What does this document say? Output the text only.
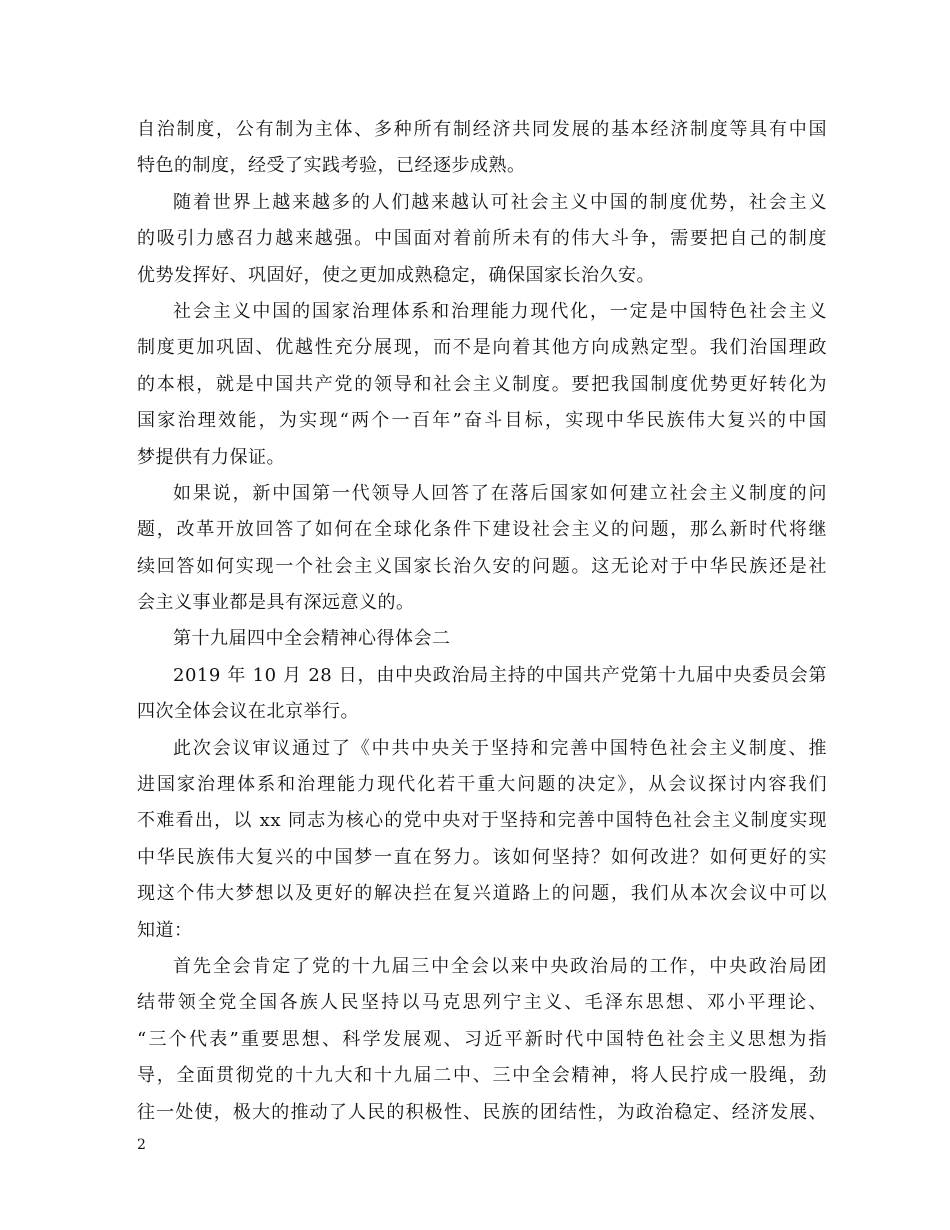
自治制度，公有制为主体、多种所有制经济共同发展的基本经济制度等具有中国
特色的制度，经受了实践考验，已经逐步成熟。
随着世界上越来越多的人们越来越认可社会主义中国的制度优势，社会主义
的吸引力感召力越来越强。中国面对着前所未有的伟大斗争，需要把自己的制度
优势发挥好、巩固好，使之更加成熟稳定，确保国家长治久安。
社会主义中国的国家治理体系和治理能力现代化，一定是中国特色社会主义
制度更加巩固、优越性充分展现，而不是向着其他方向成熟定型。我们治国理政
的本根，就是中国共产党的领导和社会主义制度。要把我国制度优势更好转化为
国家治理效能，为实现“两个一百年”奋斗目标，实现中华民族伟大复兴的中国
梦提供有力保证。
如果说，新中国第一代领导人回答了在落后国家如何建立社会主义制度的问
题，改革开放回答了如何在全球化条件下建设社会主义的问题，那么新时代将继
续回答如何实现一个社会主义国家长治久安的问题。这无论对于中华民族还是社
会主义事业都是具有深远意义的。
第十九届四中全会精神心得体会二
2019 年 10 月 28 日，由中央政治局主持的中国共产党第十九届中央委员会第
四次全体会议在北京举行。
此次会议审议通过了《中共中央关于坚持和完善中国特色社会主义制度、推
进国家治理体系和治理能力现代化若干重大问题的决定》，从会议探讨内容我们
不难看出，以 xx 同志为核心的党中央对于坚持和完善中国特色社会主义制度实现
中华民族伟大复兴的中国梦一直在努力。该如何坚持？如何改进？如何更好的实
现这个伟大梦想以及更好的解决拦在复兴道路上的问题，我们从本次会议中可以
知道：
首先全会肯定了党的十九届三中全会以来中央政治局的工作，中央政治局团
结带领全党全国各族人民坚持以马克思列宁主义、毛泽东思想、邓小平理论、
“三个代表”重要思想、科学发展观、习近平新时代中国特色社会主义思想为指
导，全面贯彻党的十九大和十九届二中、三中全会精神，将人民拧成一股绳，劲
往一处使，极大的推动了人民的积极性、民族的团结性，为政治稳定、经济发展、
2
